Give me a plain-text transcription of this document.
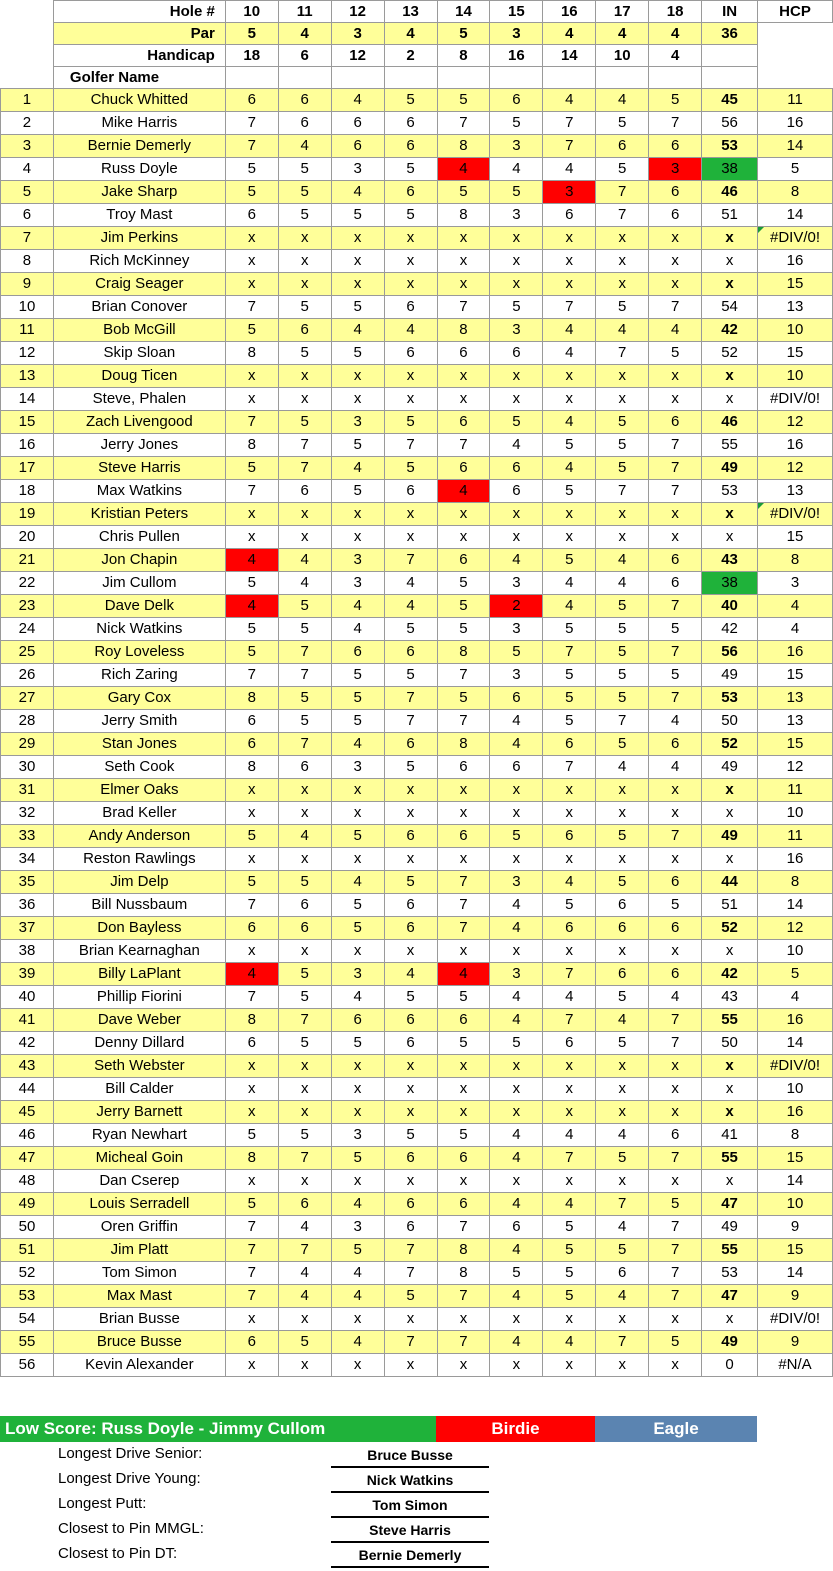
	Hole #	10	11	12	13	14	15	16	17	18	IN	HCP
	Par	5	4	3	4	5	3	4	4	4	36	
	Handicap	18	6	12	2	8	16	14	10	4		
	Golfer Name											
1	Chuck Whitted	6	6	4	5	5	6	4	4	5	45	11
2	Mike Harris	7	6	6	6	7	5	7	5	7	56	16
3	Bernie Demerly	7	4	6	6	8	3	7	6	6	53	14
4	Russ Doyle	5	5	3	5	4	4	4	5	3	38	5
5	Jake Sharp	5	5	4	6	5	5	3	7	6	46	8
6	Troy Mast	6	5	5	5	8	3	6	7	6	51	14
7	Jim Perkins	x	x	x	x	x	x	x	x	x	x	#DIV/0!
8	Rich McKinney	x	x	x	x	x	x	x	x	x	x	16
9	Craig Seager	x	x	x	x	x	x	x	x	x	x	15
10	Brian Conover	7	5	5	6	7	5	7	5	7	54	13
11	Bob McGill	5	6	4	4	8	3	4	4	4	42	10
12	Skip Sloan	8	5	5	6	6	6	4	7	5	52	15
13	Doug Ticen	x	x	x	x	x	x	x	x	x	x	10
14	Steve, Phalen	x	x	x	x	x	x	x	x	x	x	#DIV/0!
15	Zach Livengood	7	5	3	5	6	5	4	5	6	46	12
16	Jerry Jones	8	7	5	7	7	4	5	5	7	55	16
17	Steve Harris	5	7	4	5	6	6	4	5	7	49	12
18	Max Watkins	7	6	5	6	4	6	5	7	7	53	13
19	Kristian Peters	x	x	x	x	x	x	x	x	x	x	#DIV/0!
20	Chris Pullen	x	x	x	x	x	x	x	x	x	x	15
21	Jon Chapin	4	4	3	7	6	4	5	4	6	43	8
22	Jim Cullom	5	4	3	4	5	3	4	4	6	38	3
23	Dave Delk	4	5	4	4	5	2	4	5	7	40	4
24	Nick Watkins	5	5	4	5	5	3	5	5	5	42	4
25	Roy Loveless	5	7	6	6	8	5	7	5	7	56	16
26	Rich Zaring	7	7	5	5	7	3	5	5	5	49	15
27	Gary Cox	8	5	5	7	5	6	5	5	7	53	13
28	Jerry Smith	6	5	5	7	7	4	5	7	4	50	13
29	Stan Jones	6	7	4	6	8	4	6	5	6	52	15
30	Seth Cook	8	6	3	5	6	6	7	4	4	49	12
31	Elmer Oaks	x	x	x	x	x	x	x	x	x	x	11
32	Brad Keller	x	x	x	x	x	x	x	x	x	x	10
33	Andy Anderson	5	4	5	6	6	5	6	5	7	49	11
34	Reston Rawlings	x	x	x	x	x	x	x	x	x	x	16
35	Jim Delp	5	5	4	5	7	3	4	5	6	44	8
36	Bill Nussbaum	7	6	5	6	7	4	5	6	5	51	14
37	Don Bayless	6	6	5	6	7	4	6	6	6	52	12
38	Brian Kearnaghan	x	x	x	x	x	x	x	x	x	x	10
39	Billy LaPlant	4	5	3	4	4	3	7	6	6	42	5
40	Phillip Fiorini	7	5	4	5	5	4	4	5	4	43	4
41	Dave Weber	8	7	6	6	6	4	7	4	7	55	16
42	Denny Dillard	6	5	5	6	5	5	6	5	7	50	14
43	Seth Webster	x	x	x	x	x	x	x	x	x	x	#DIV/0!
44	Bill Calder	x	x	x	x	x	x	x	x	x	x	10
45	Jerry Barnett	x	x	x	x	x	x	x	x	x	x	16
46	Ryan Newhart	5	5	3	5	5	4	4	4	6	41	8
47	Micheal Goin	8	7	5	6	6	4	7	5	7	55	15
48	Dan Cserep	x	x	x	x	x	x	x	x	x	x	14
49	Louis Serradell	5	6	4	6	6	4	4	7	5	47	10
50	Oren Griffin	7	4	3	6	7	6	5	4	7	49	9
51	Jim Platt	7	7	5	7	8	4	5	5	7	55	15
52	Tom Simon	7	4	4	7	8	5	5	6	7	53	14
53	Max Mast	7	4	4	5	7	4	5	4	7	47	9
54	Brian Busse	x	x	x	x	x	x	x	x	x	x	#DIV/0!
55	Bruce Busse	6	5	4	7	7	4	4	7	5	49	9
56	Kevin Alexander	x	x	x	x	x	x	x	x	x	0	#N/A
Low Score: Russ Doyle - Jimmy Cullom	Birdie	Eagle
Longest Drive Senior:	Bruce Busse
Longest Drive Young:	Nick Watkins
Longest Putt:	Tom Simon
Closest to Pin MMGL:	Steve Harris
Closest to Pin DT:	Bernie Demerly
